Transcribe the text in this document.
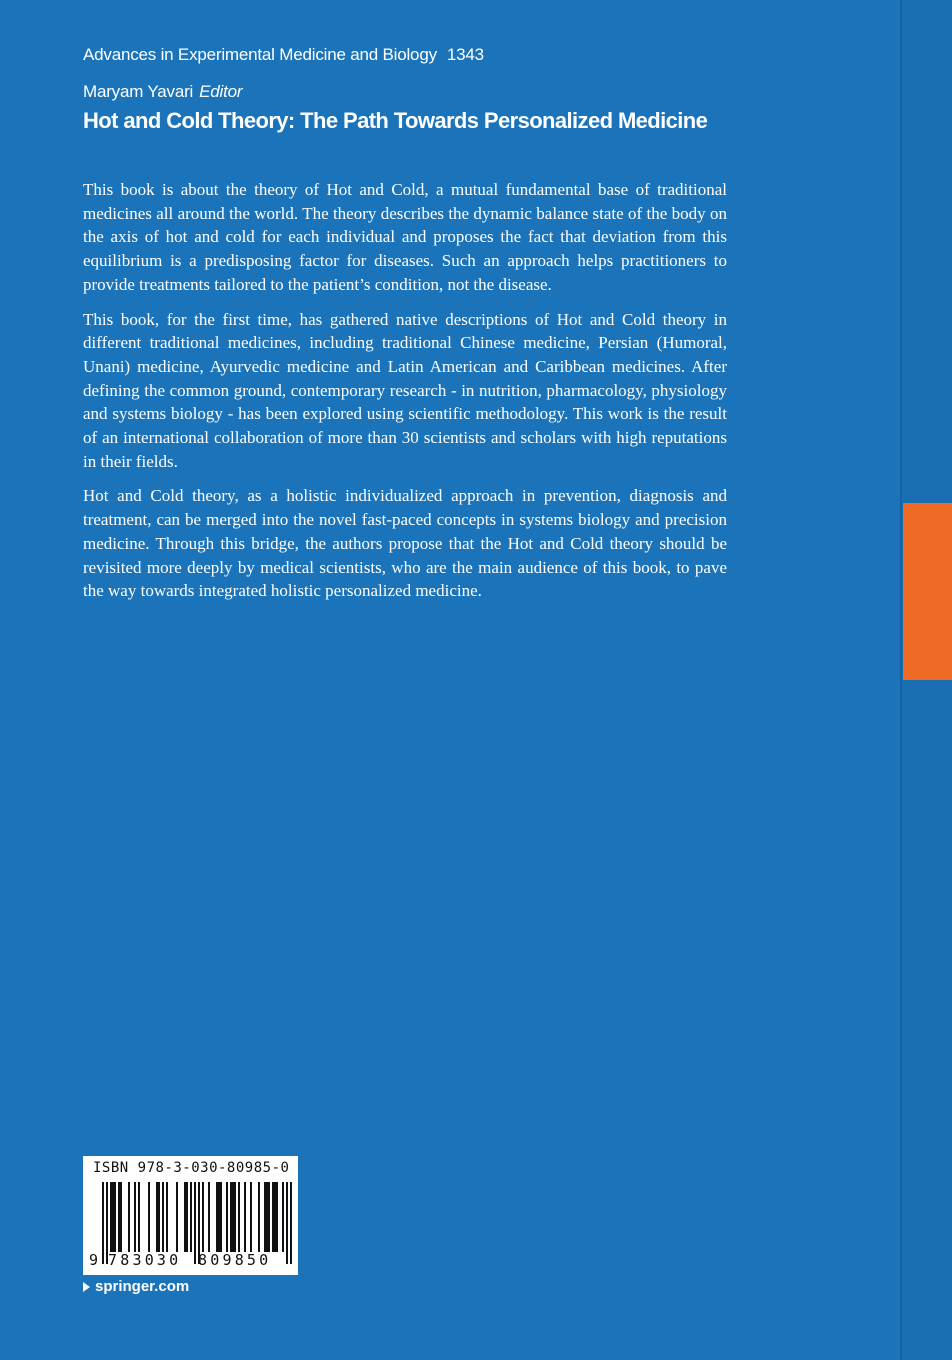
Advances in Experimental Medicine and Biology 1343
Maryam Yavari Editor
Hot and Cold Theory: The Path Towards Personalized Medicine

This book is about the theory of Hot and Cold, a mutual fundamental base of traditional medicines all around the world. The theory describes the dynamic balance state of the body on the axis of hot and cold for each individual and proposes the fact that deviation from this equilibrium is a predisposing factor for diseases. Such an approach helps practitioners to provide treatments tailored to the patient’s condition, not the disease.

This book, for the first time, has gathered native descriptions of Hot and Cold theory in different traditional medicines, including traditional Chinese medicine, Persian (Humoral, Unani) medicine, Ayurvedic medicine and Latin American and Caribbean medicines. After defining the common ground, contemporary research - in nutrition, pharmacology, physiology and systems biology - has been explored using scientific methodology. This work is the result of an international collaboration of more than 30 scientists and scholars with high reputations in their fields.

Hot and Cold theory, as a holistic individualized approach in prevention, diagnosis and treatment, can be merged into the novel fast-paced concepts in systems biology and precision medicine. Through this bridge, the authors propose that the Hot and Cold theory should be revisited more deeply by medical scientists, who are the main audience of this book, to pave the way towards integrated holistic personalized medicine.

ISBN 978-3-030-80985-0
9 783030 809850
springer.com
